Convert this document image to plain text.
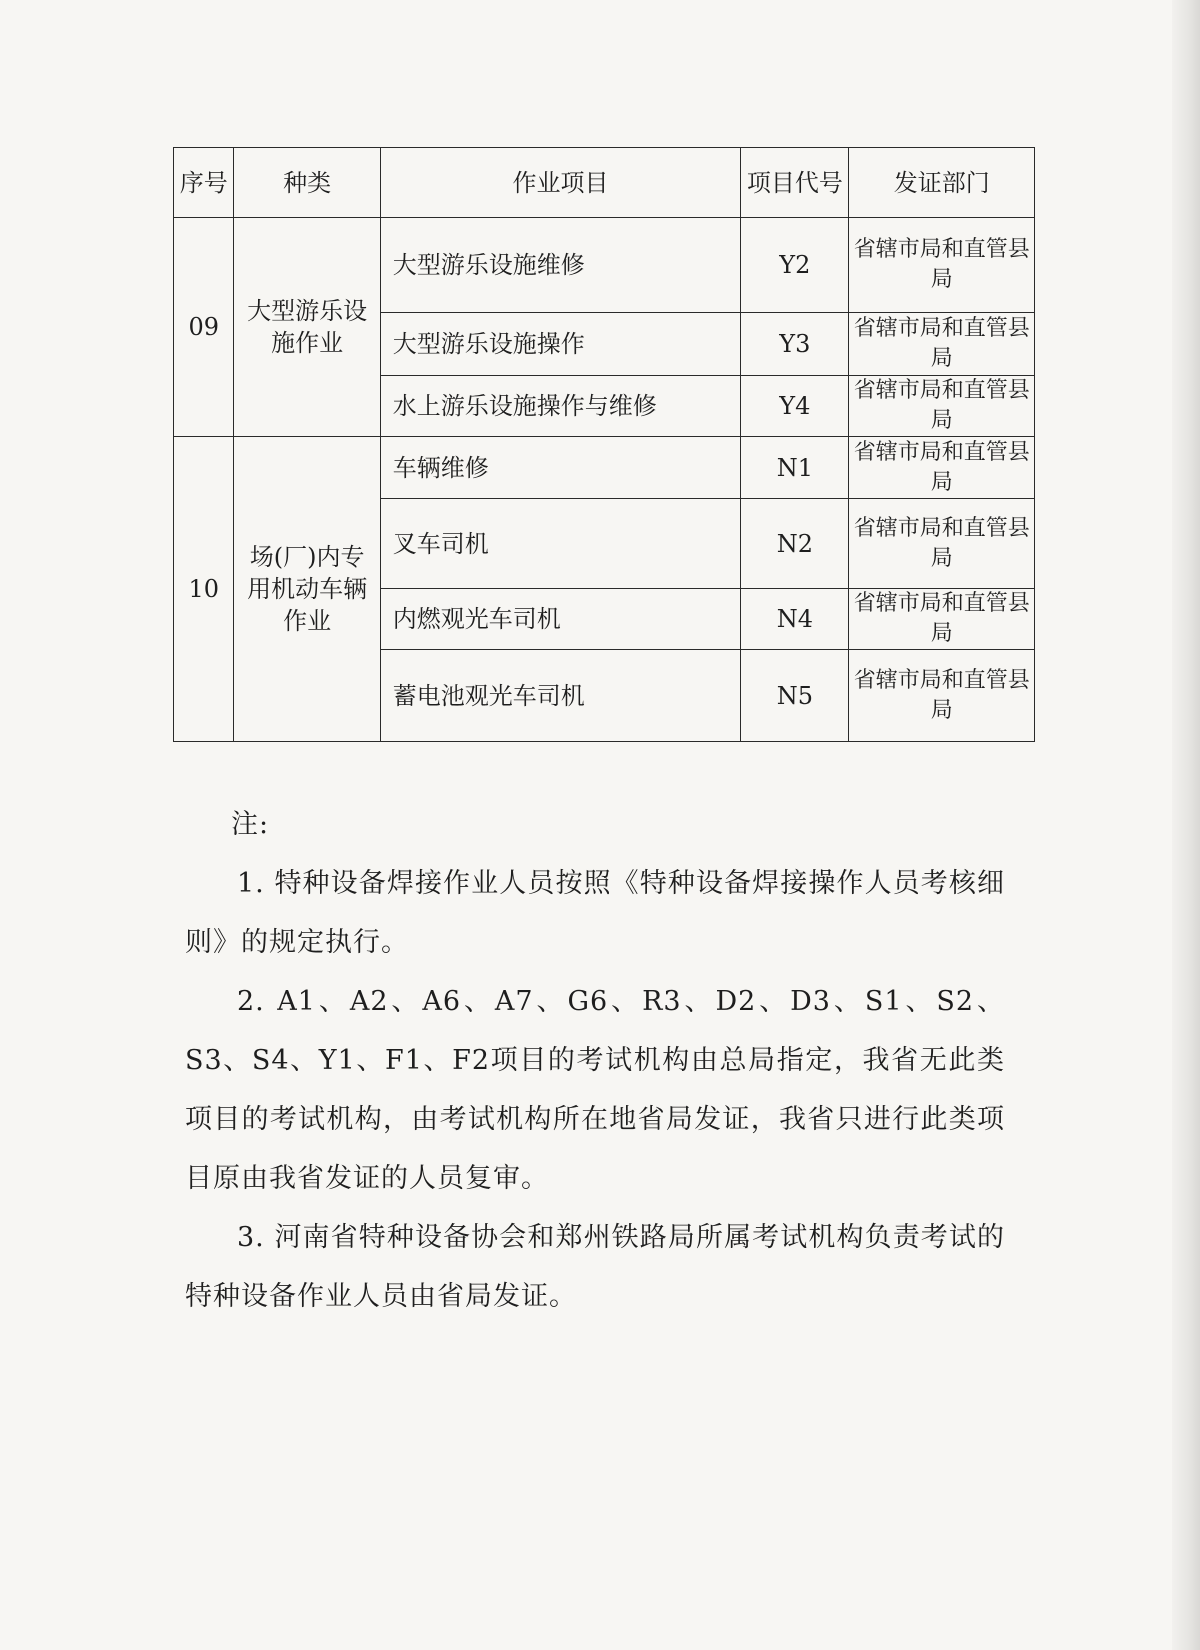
序号	种类	作业项目	项目代号	发证部门
09	大型游乐设施作业	大型游乐设施维修	Y2	省辖市局和直管县局
		大型游乐设施操作	Y3	省辖市局和直管县局
		水上游乐设施操作与维修	Y4	省辖市局和直管县局
10	场(厂)内专用机动车辆作业	车辆维修	N1	省辖市局和直管县局
		叉车司机	N2	省辖市局和直管县局
		内燃观光车司机	N4	省辖市局和直管县局
		蓄电池观光车司机	N5	省辖市局和直管县局

注:

1. 特种设备焊接作业人员按照《特种设备焊接操作人员考核细则》的规定执行。

2. A1、A2、A6、A7、G6、R3、D2、D3、S1、S2、S3、S4、Y1、F1、F2项目的考试机构由总局指定，我省无此类项目的考试机构，由考试机构所在地省局发证，我省只进行此类项目原由我省发证的人员复审。

3. 河南省特种设备协会和郑州铁路局所属考试机构负责考试的特种设备作业人员由省局发证。
